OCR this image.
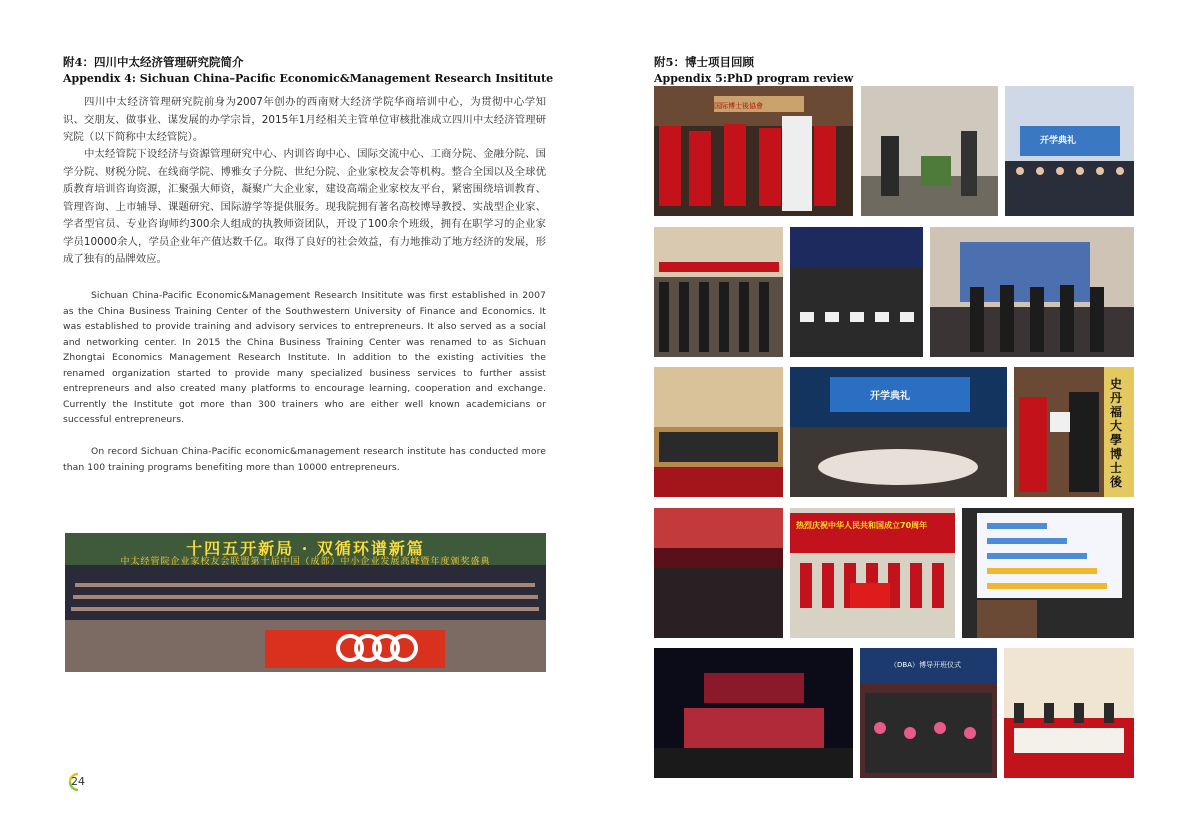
附4：四川中太经济管理研究院简介
Appendix 4: Sichuan China–Pacific Economic&Management Research Insititute

四川中太经济管理研究院前身为2007年创办的西南财大经济学院华商培训中心，为贯彻中心学知识、交朋友、做事业、谋发展的办学宗旨，2015年1月经相关主管单位审核批准成立四川中太经济管理研究院（以下简称中太经管院）。

中太经管院下设经济与资源管理研究中心、内训咨询中心、国际交流中心、工商分院、金融分院、国学分院、财税分院、在线商学院、博雅女子分院、世纪分院、企业家校友会等机构。整合全国以及全球优质教育培训咨询资源，汇聚强大师资，凝聚广大企业家，建设高端企业家校友平台，紧密围绕培训教育、管理咨询、上市辅导、课题研究、国际游学等提供服务。现我院拥有著名高校博导教授、实战型企业家、学者型官员、专业咨询师约300余人组成的执教师资团队，开设了100余个班级，拥有在职学习的企业家学员10000余人，学员企业年产值达数千亿。取得了良好的社会效益，有力地推动了地方经济的发展，形成了独有的品牌效应。

Sichuan China-Pacific Economic&Management Research Insititute was first established in 2007 as the China Business Training Center of the Southwestern University of Finance and Economics. It was established to provide training and advisory services to entrepreneurs. It also served as a social and networking center. In 2015 the China Business Training Center was renamed to as Sichuan Zhongtai Economics Management Research Institute. In addition to the existing activities the renamed organization started to provide many specialized business services to further assist entrepreneurs and also created many platforms to encourage learning, cooperation and exchange. Currently the Institute got more than 300 trainers who are either well known academicians or successful entrepreneurs.

On record Sichuan China-Pacific economic&management research institute has conducted more than 100 training programs benefiting more than 10000 entrepreneurs.

十四五开新局 · 双循环谱新篇
中太经管院企业家校友会联盟第十届中国（成都）中小企业发展高峰暨年度颁奖盛典
24
附5：博士项目回顾
Appendix 5:PhD program review
国际博士後協會
开学典礼
开学典礼
史丹福大學博士後
热烈庆祝中华人民共和国成立70周年
（DBA）博导开班仪式
